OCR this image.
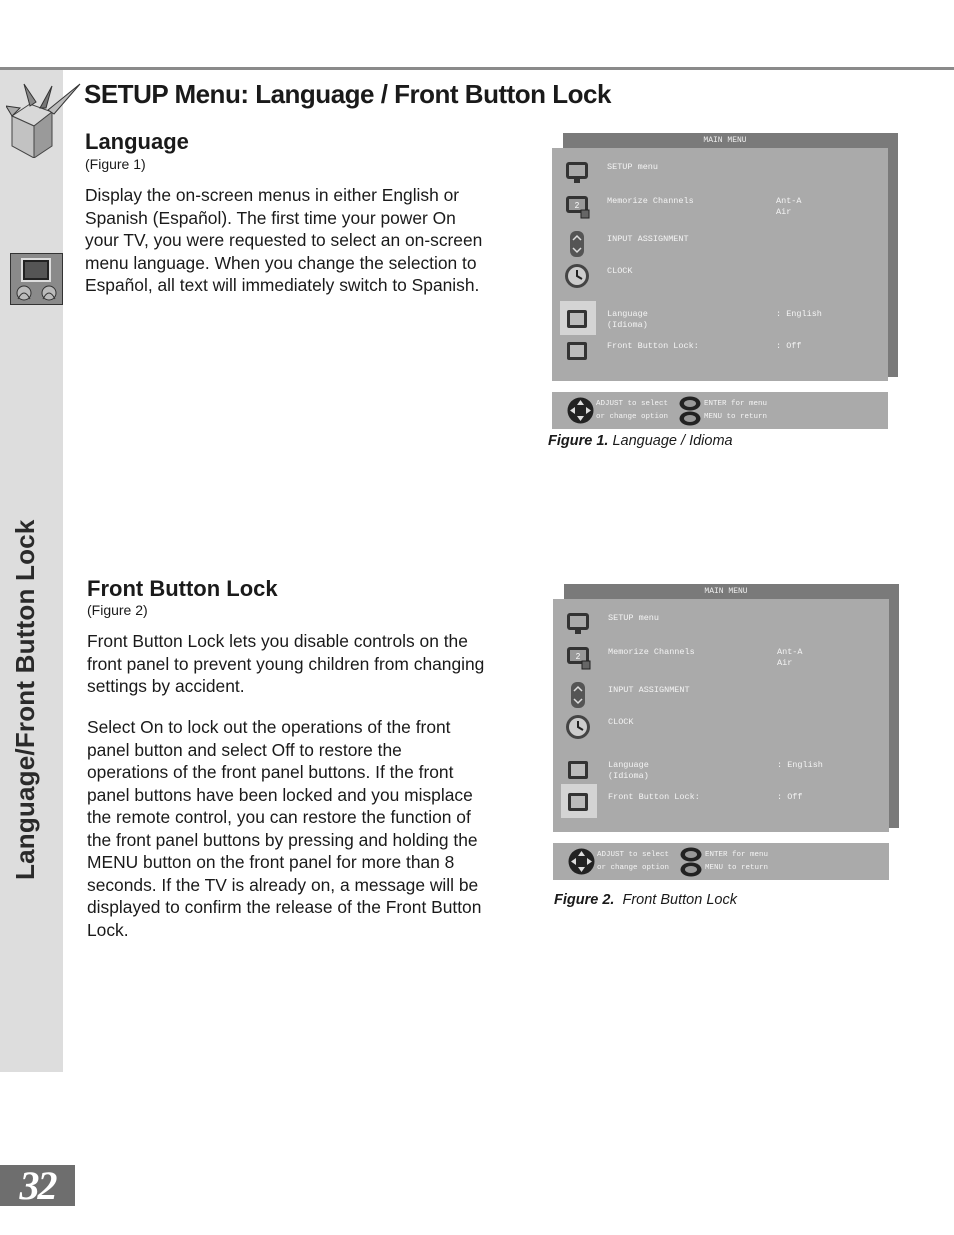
Language/Front Button Lock
SETUP Menu: Language / Front Button Lock
Language
(Figure 1)

Display the on-screen menus in either English or Spanish (Español). The first time your power On your TV, you were requested to select an on-screen menu language. When you change the selection to Español, all text will immediately switch to Spanish.

Front Button Lock
(Figure 2)

Front Button Lock lets you disable controls on the front panel to prevent young children from changing settings by accident.

Select On to lock out the operations of the front panel button and select Off to restore the operations of the front panel buttons. If the front panel buttons have been locked and you misplace the remote control, you can restore the function of the front panel buttons by pressing and holding the MENU button on the front panel for more than 8 seconds. If the TV is already on, a message will be displayed to confirm the release of the Front Button Lock.

MAIN MENU
SETUP menu
2	Memorize Channels	Ant-A
Air
INPUT ASSIGNMENT
CLOCK
Language
(Idioma)
: English
Front Button Lock:	: Off
ADJUST to select
or change option
ENTER for menu
MENU to return
Figure 1. Language / Idioma
MAIN MENU
SETUP menu
2	Memorize Channels	Ant-A
Air
INPUT ASSIGNMENT
CLOCK
Language
(Idioma)
: English
Front Button Lock:	: Off
ADJUST to select
or change option
ENTER for menu
MENU to return
Figure 2.  Front Button Lock
32
